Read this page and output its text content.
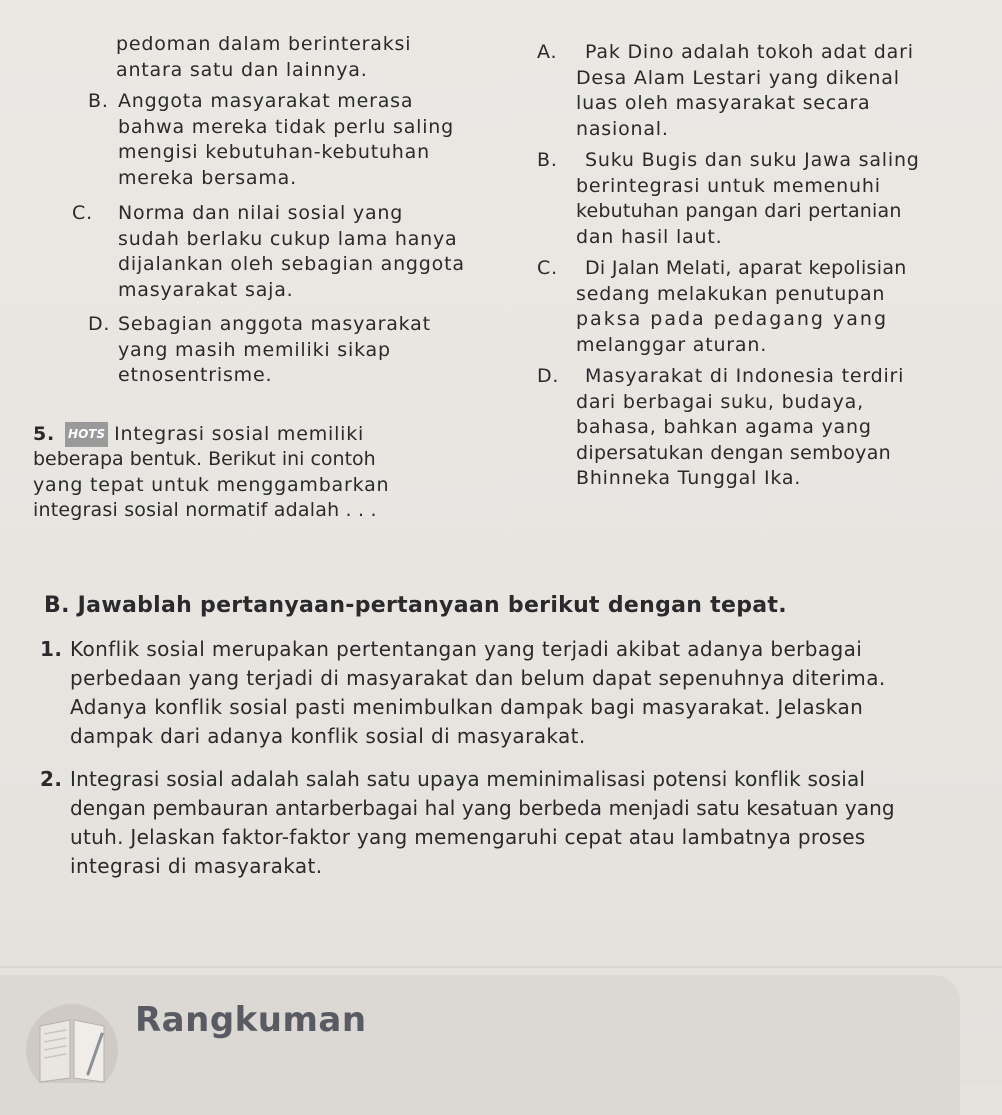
pedoman dalam berinteraksi
antara satu dan lainnya.
B. Anggota masyarakat merasa
bahwa mereka tidak perlu saling
mengisi kebutuhan-kebutuhan
mereka bersama.
C. Norma dan nilai sosial yang
sudah berlaku cukup lama hanya
dijalankan oleh sebagian anggota
masyarakat saja.
D. Sebagian anggota masyarakat
yang masih memiliki sikap
etnosentrisme.
5. HOTS Integrasi sosial memiliki
beberapa bentuk. Berikut ini contoh
yang tepat untuk menggambarkan
integrasi sosial normatif adalah . . .
A. Pak Dino adalah tokoh adat dari
Desa Alam Lestari yang dikenal
luas oleh masyarakat secara
nasional.
B. Suku Bugis dan suku Jawa saling
berintegrasi untuk memenuhi
kebutuhan pangan dari pertanian
dan hasil laut.
C. Di Jalan Melati, aparat kepolisian
sedang melakukan penutupan
paksa pada pedagang yang
melanggar aturan.
D. Masyarakat di Indonesia terdiri
dari berbagai suku, budaya,
bahasa, bahkan agama yang
dipersatukan dengan semboyan
Bhinneka Tunggal Ika.
B. Jawablah pertanyaan-pertanyaan berikut dengan tepat.
1. Konflik sosial merupakan pertentangan yang terjadi akibat adanya berbagai
perbedaan yang terjadi di masyarakat dan belum dapat sepenuhnya diterima.
Adanya konflik sosial pasti menimbulkan dampak bagi masyarakat. Jelaskan
dampak dari adanya konflik sosial di masyarakat.
2. Integrasi sosial adalah salah satu upaya meminimalisasi potensi konflik sosial
dengan pembauran antarberbagai hal yang berbeda menjadi satu kesatuan yang
utuh. Jelaskan faktor-faktor yang memengaruhi cepat atau lambatnya proses
integrasi di masyarakat.
Rangkuman
